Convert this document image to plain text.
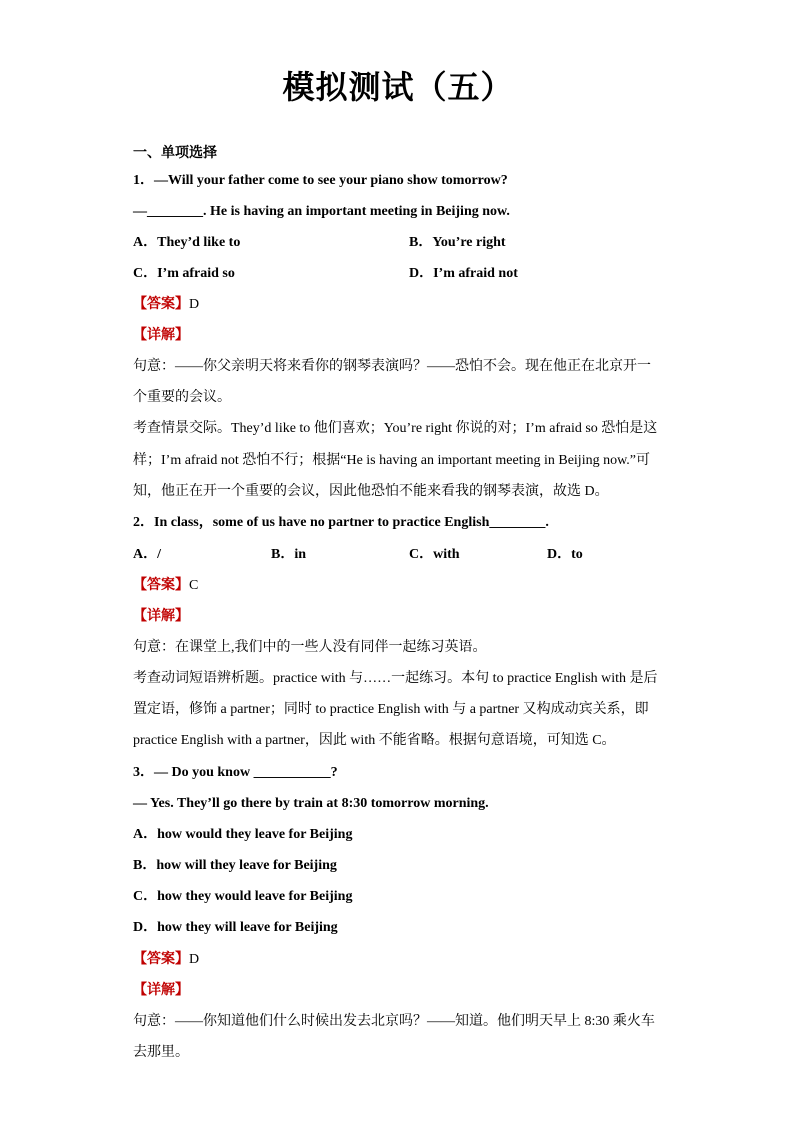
模拟测试（五）
一、单项选择
1．—Will your father come to see your piano show tomorrow?
—________. He is having an important meeting in Beijing now.
A．They’d like to	B．You’re right
C．I’m afraid so	D．I’m afraid not
【答案】D
【详解】
句意：——你父亲明天将来看你的钢琴表演吗？——恐怕不会。现在他正在北京开一
个重要的会议。
考查情景交际。They’d like to 他们喜欢；You’re right 你说的对；I’m afraid so 恐怕是这
样；I’m afraid not 恐怕不行；根据“He is having an important meeting in Beijing now.”可
知，他正在开一个重要的会议，因此他恐怕不能来看我的钢琴表演，故选 D。
2．In class，some of us have no partner to practice English________.
A．/	B．in	C．with	D．to
【答案】C
【详解】
句意：在课堂上,我们中的一些人没有同伴一起练习英语。
考查动词短语辨析题。practice with 与……一起练习。本句 to practice English with 是后
置定语，修饰 a partner；同时 to practice English with 与 a partner 又构成动宾关系，即
practice English with a partner，因此 with 不能省略。根据句意语境，可知选 C。
3．— Do you know ___________?
— Yes. They’ll go there by train at 8:30 tomorrow morning.
A．how would they leave for Beijing
B．how will they leave for Beijing
C．how they would leave for Beijing
D．how they will leave for Beijing
【答案】D
【详解】
句意：——你知道他们什么时候出发去北京吗？——知道。他们明天早上 8:30 乘火车
去那里。
